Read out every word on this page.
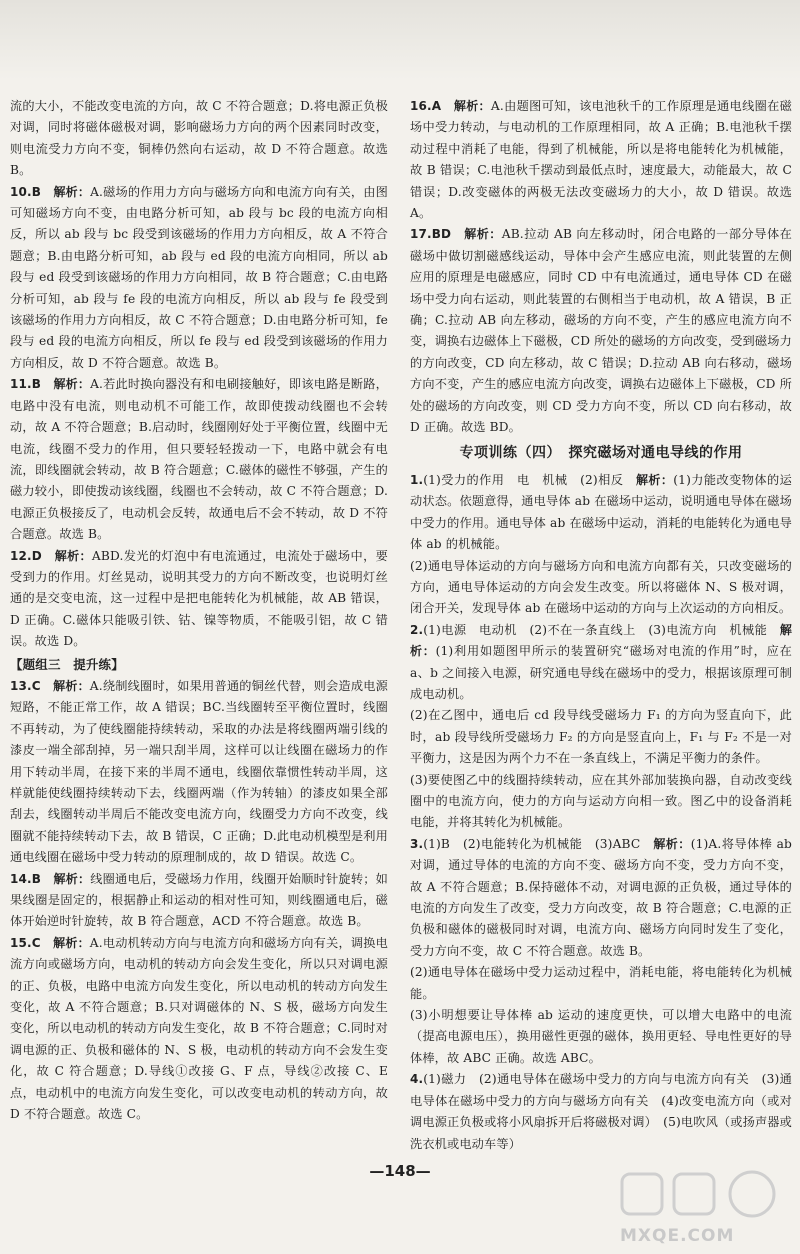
流的大小，不能改变电流的方向，故 C 不符合题意；D.将电源正负极对调，同时将磁体磁极对调，影响磁场力方向的两个因素同时改变，则电流受力方向不变，铜棒仍然向右运动，故 D 不符合题意。故选 B。

10.B　 解析：A.磁场的作用力方向与磁场方向和电流方向有关，由图可知磁场方向不变，由电路分析可知，ab 段与 bc 段的电流方向相反，所以 ab 段与 bc 段受到该磁场的作用力方向相反，故 A 不符合题意；B.由电路分析可知，ab 段与 ed 段的电流方向相同，所以 ab 段与 ed 段受到该磁场的作用力方向相同，故 B 符合题意；C.由电路分析可知，ab 段与 fe 段的电流方向相反，所以 ab 段与 fe 段受到该磁场的作用力方向相反，故 C 不符合题意；D.由电路分析可知，fe 段与 ed 段的电流方向相反，所以 fe 段与 ed 段受到该磁场的作用力方向相反，故 D 不符合题意。故选 B。

11.B　 解析：A.若此时换向器没有和电刷接触好，即该电路是断路，电路中没有电流，则电动机不可能工作，故即使拨动线圈也不会转动，故 A 不符合题意；B.启动时，线圈刚好处于平衡位置，线圈中无电流，线圈不受力的作用，但只要轻轻拨动一下，电路中就会有电流，即线圈就会转动，故 B 符合题意；C.磁体的磁性不够强，产生的磁力较小，即使拨动该线圈，线圈也不会转动，故 C 不符合题意；D.电源正负极接反了，电动机会反转，故通电后不会不转动，故 D 不符合题意。故选 B。

12.D　 解析：ABD.发光的灯泡中有电流通过，电流处于磁场中，要受到力的作用。灯丝晃动，说明其受力的方向不断改变，也说明灯丝通的是交变电流，这一过程中是把电能转化为机械能，故 AB 错误，D 正确。C.磁体只能吸引铁、钴、镍等物质，不能吸引铝，故 C 错误。故选 D。

【题组三　提升练】

13.C　 解析：A.绕制线圈时，如果用普通的铜丝代替，则会造成电源短路，不能正常工作，故 A 错误；BC.当线圈转至平衡位置时，线圈不再转动，为了使线圈能持续转动，采取的办法是将线圈两端引线的漆皮一端全部刮掉，另一端只刮半周，这样可以让线圈在磁场力的作用下转动半周，在接下来的半周不通电，线圈依靠惯性转动半周，这样就能使线圈持续转动下去，线圈两端（作为转轴）的漆皮如果全部刮去，线圈转动半周后不能改变电流方向，线圈受力方向不改变，线圈就不能持续转动下去，故 B 错误，C 正确；D.此电动机模型是利用通电线圈在磁场中受力转动的原理制成的，故 D 错误。故选 C。

14.B　 解析：线圈通电后，受磁场力作用，线圈开始顺时针旋转；如果线圈是固定的，根据静止和运动的相对性可知，则线圈通电后，磁体开始逆时针旋转，故 B 符合题意，ACD 不符合题意。故选 B。

15.C　 解析：A.电动机转动方向与电流方向和磁场方向有关，调换电流方向或磁场方向，电动机的转动方向会发生变化，所以只对调电源的正、负极，电路中电流方向发生变化，所以电动机的转动方向发生变化，故 A 不符合题意；B.只对调磁体的 N、S 极，磁场方向发生变化，所以电动机的转动方向发生变化，故 B 不符合题意；C.同时对调电源的正、负极和磁体的 N、S 极，电动机的转动方向不会发生变化，故 C 符合题意；D.导线①改接 G、F 点，导线②改接 C、E 点，电动机中的电流方向发生变化，可以改变电动机的转动方向，故 D 不符合题意。故选 C。

16.A　 解析：A.由题图可知，该电池秋千的工作原理是通电线圈在磁场中受力转动，与电动机的工作原理相同，故 A 正确；B.电池秋千摆动过程中消耗了电能，得到了机械能，所以是将电能转化为机械能，故 B 错误；C.电池秋千摆动到最低点时，速度最大，动能最大，故 C 错误；D.改变磁体的两极无法改变磁场力的大小，故 D 错误。故选 A。

17.BD　 解析：AB.拉动 AB 向左移动时，闭合电路的一部分导体在磁场中做切割磁感线运动，导体中会产生感应电流，则此装置的左侧应用的原理是电磁感应，同时 CD 中有电流通过，通电导体 CD 在磁场中受力向右运动，则此装置的右侧相当于电动机，故 A 错误，B 正确；C.拉动 AB 向左移动，磁场的方向不变，产生的感应电流方向不变，调换右边磁体上下磁极，CD 所处的磁场的方向改变，受到磁场力的方向改变，CD 向左移动，故 C 错误；D.拉动 AB 向右移动，磁场方向不变，产生的感应电流方向改变，调换右边磁体上下磁极，CD 所处的磁场的方向改变，则 CD 受力方向不变，所以 CD 向右移动，故 D 正确。故选 BD。

专项训练（四）　探究磁场对通电导线的作用

1.(1)受力的作用　电　机械　(2)相反　 解析：(1)力能改变物体的运动状态。依题意得，通电导体 ab 在磁场中运动，说明通电导体在磁场中受力的作用。通电导体 ab 在磁场中运动，消耗的电能转化为通电导体 ab 的机械能。

(2)通电导体运动的方向与磁场方向和电流方向都有关，只改变磁场的方向，通电导体运动的方向会发生改变。所以将磁体 N、S 极对调，闭合开关，发现导体 ab 在磁场中运动的方向与上次运动的方向相反。

2.(1)电源　电动机　(2)不在一条直线上　(3)电流方向　机械能　 解析：(1)利用如题图甲所示的装置研究“磁场对电流的作用”时，应在 a、b 之间接入电源，研究通电导线在磁场中的受力，根据该原理可制成电动机。

(2)在乙图中，通电后 cd 段导线受磁场力 F₁ 的方向为竖直向下，此时，ab 段导线所受磁场力 F₂ 的方向是竖直向上，F₁ 与 F₂ 不是一对平衡力，这是因为两个力不在一条直线上，不满足平衡力的条件。

(3)要使图乙中的线圈持续转动，应在其外部加装换向器，自动改变线圈中的电流方向，使力的方向与运动方向相一致。图乙中的设备消耗电能，并将其转化为机械能。

3.(1)B　(2)电能转化为机械能　(3)ABC　 解析：(1)A.将导体棒 ab 对调，通过导体的电流的方向不变、磁场方向不变，受力方向不变，故 A 不符合题意；B.保持磁体不动，对调电源的正负极，通过导体的电流的方向发生了改变，受力方向改变，故 B 符合题意；C.电源的正负极和磁体的磁极同时对调，电流方向、磁场方向同时发生了变化，受力方向不变，故 C 不符合题意。故选 B。

(2)通电导体在磁场中受力运动过程中，消耗电能，将电能转化为机械能。

(3)小明想要让导体棒 ab 运动的速度更快，可以增大电路中的电流（提高电源电压），换用磁性更强的磁体，换用更轻、导电性更好的导体棒，故 ABC 正确。故选 ABC。

4.(1)磁力　(2)通电导体在磁场中受力的方向与电流方向有关　(3)通电导体在磁场中受力的方向与磁场方向有关　(4)改变电流方向（或对调电源正负极或将小风扇拆开后将磁极对调）　(5)电吹风（或扬声器或洗衣机或电动车等）

—148—
MXQE.COM
